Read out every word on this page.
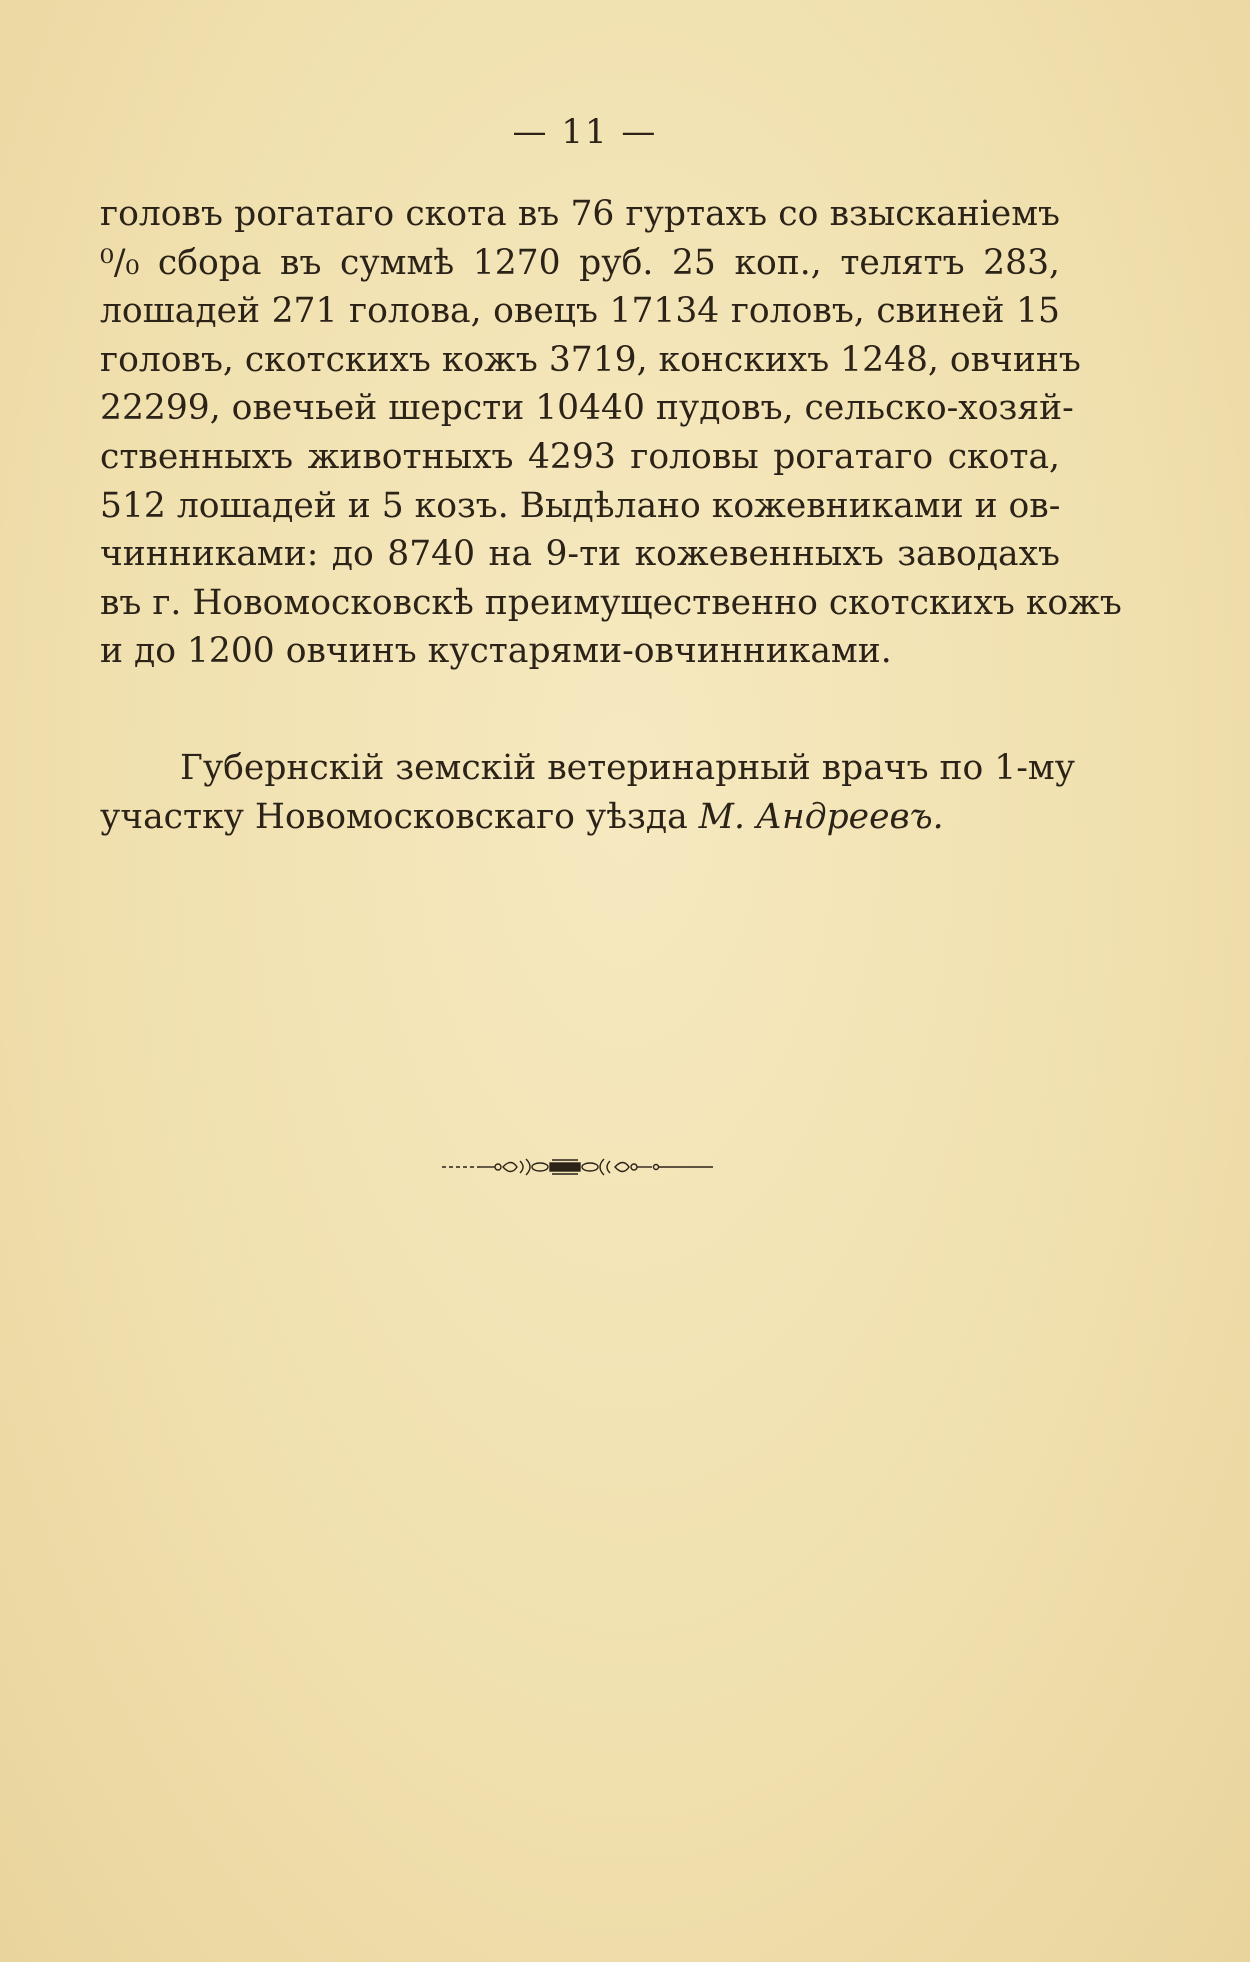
— 11 —
головъ рогатаго скота въ 76 гуртахъ со взысканіемъ
⁰/₀ сбора въ суммѣ 1270 руб. 25 коп., телятъ 283,
лошадей 271 голова, овецъ 17134 головъ, свиней 15
головъ, скотскихъ кожъ 3719, конскихъ 1248, овчинъ
22299, овечьей шерсти 10440 пудовъ, сельско-хозяй-
ственныхъ животныхъ 4293 головы рогатаго скота,
512 лошадей и 5 козъ. Выдѣлано кожевниками и ов-
чинниками: до 8740 на 9-ти кожевенныхъ заводахъ
въ г. Новомосковскѣ преимущественно скотскихъ кожъ
и до 1200 овчинъ кустарями-овчинниками.
Губернскій земскій ветеринарный врачъ по 1-му
участку Новомосковскаго уѣзда М. Андреевъ.
